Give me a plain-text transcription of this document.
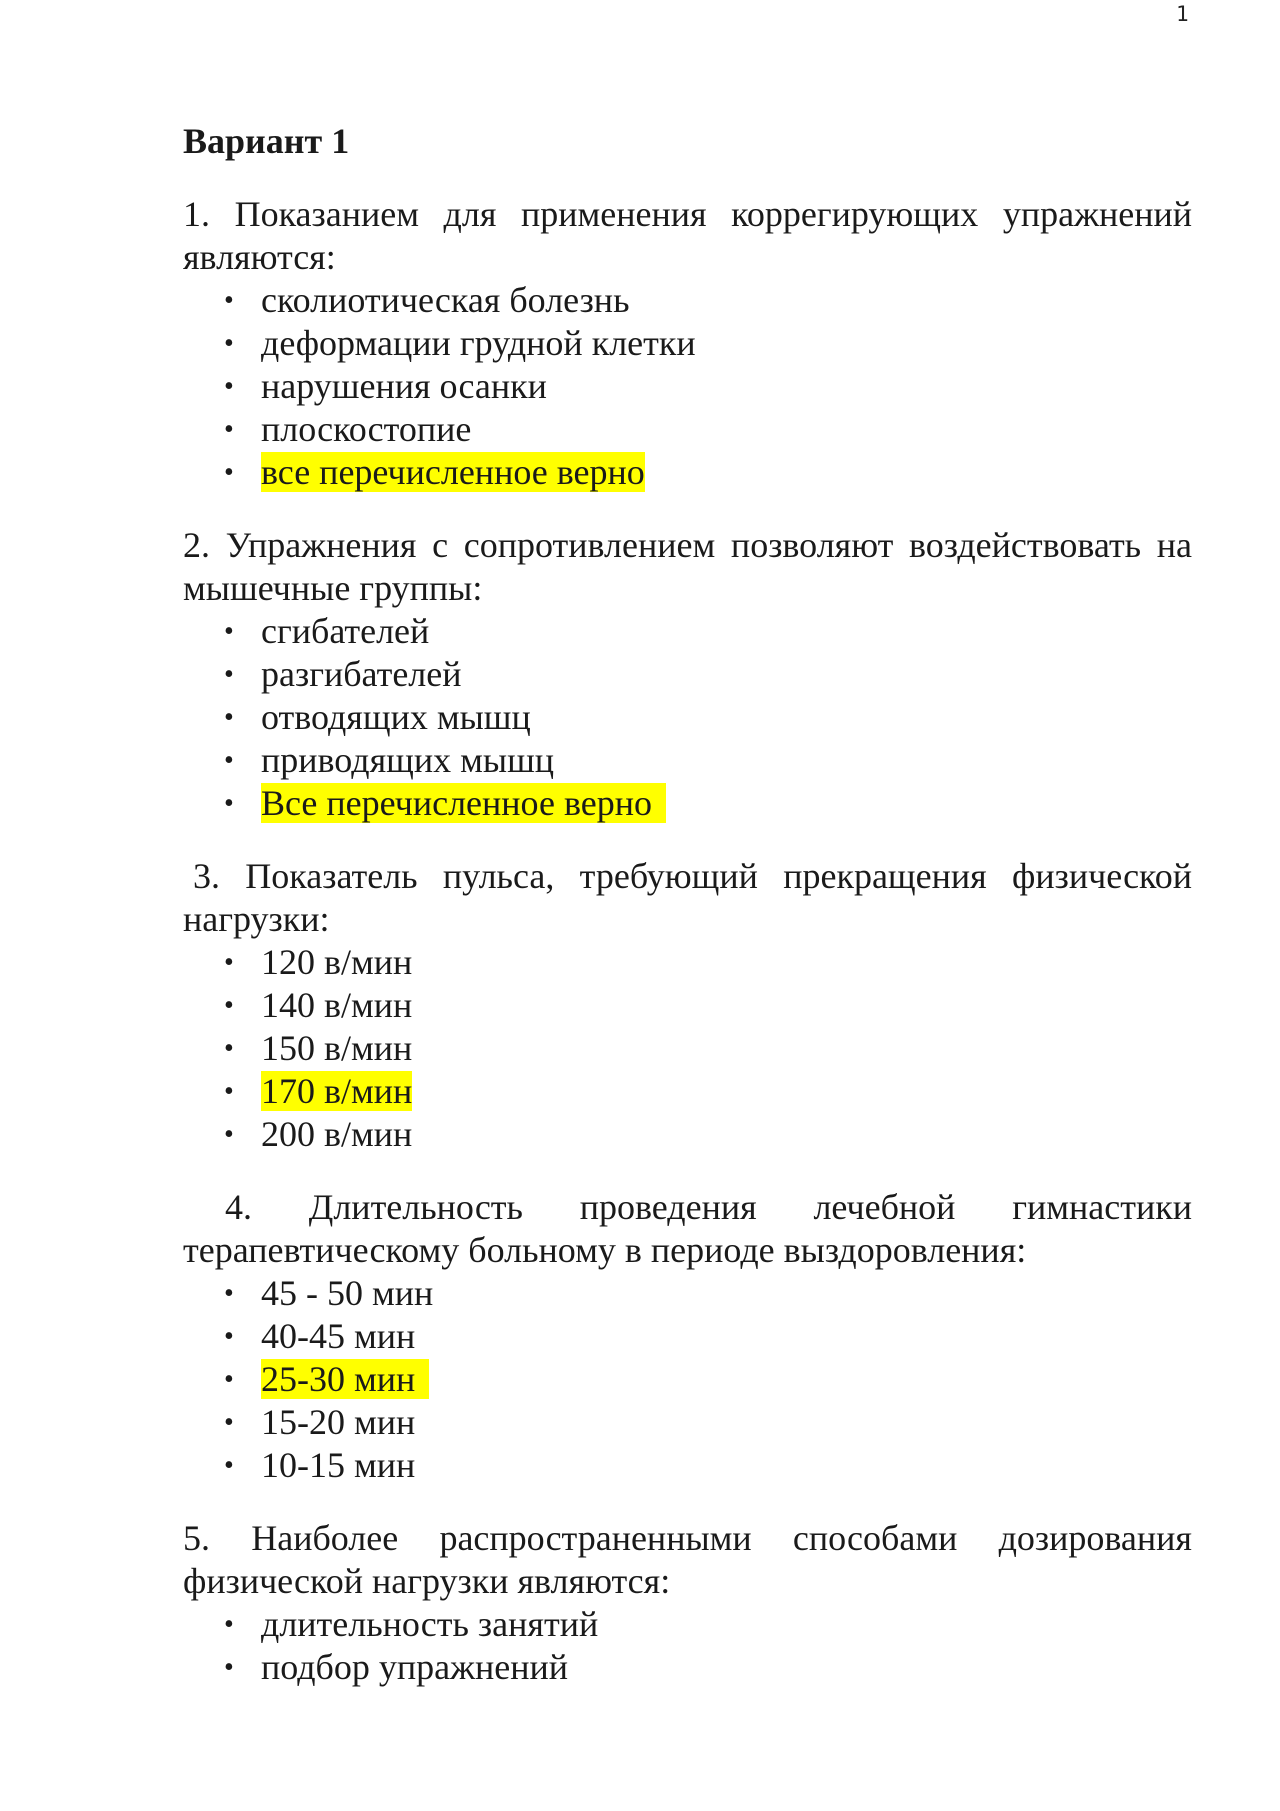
1
Вариант 1

1. Показанием для применения коррегирующих упражнений являются:

• сколиотическая болезнь
• деформации грудной клетки
• нарушения осанки
• плоскостопие
• все перечисленное верно

2. Упражнения с сопротивлением позволяют воздействовать на мышечные группы:

• сгибателей
• разгибателей
• отводящих мышц
• приводящих мышц
• Все перечисленное верно

3. Показатель пульса, требующий прекращения физической нагрузки:

• 120 в/мин
• 140 в/мин
• 150 в/мин
• 170 в/мин
• 200 в/мин

4. Длительность проведения лечебной гимнастики терапевтическому больному в периоде выздоровления:

• 45 - 50 мин
• 40-45 мин
• 25-30 мин
• 15-20 мин
• 10-15 мин

5. Наиболее распространенными способами дозирования физической нагрузки являются:

• длительность занятий
• подбор упражнений
